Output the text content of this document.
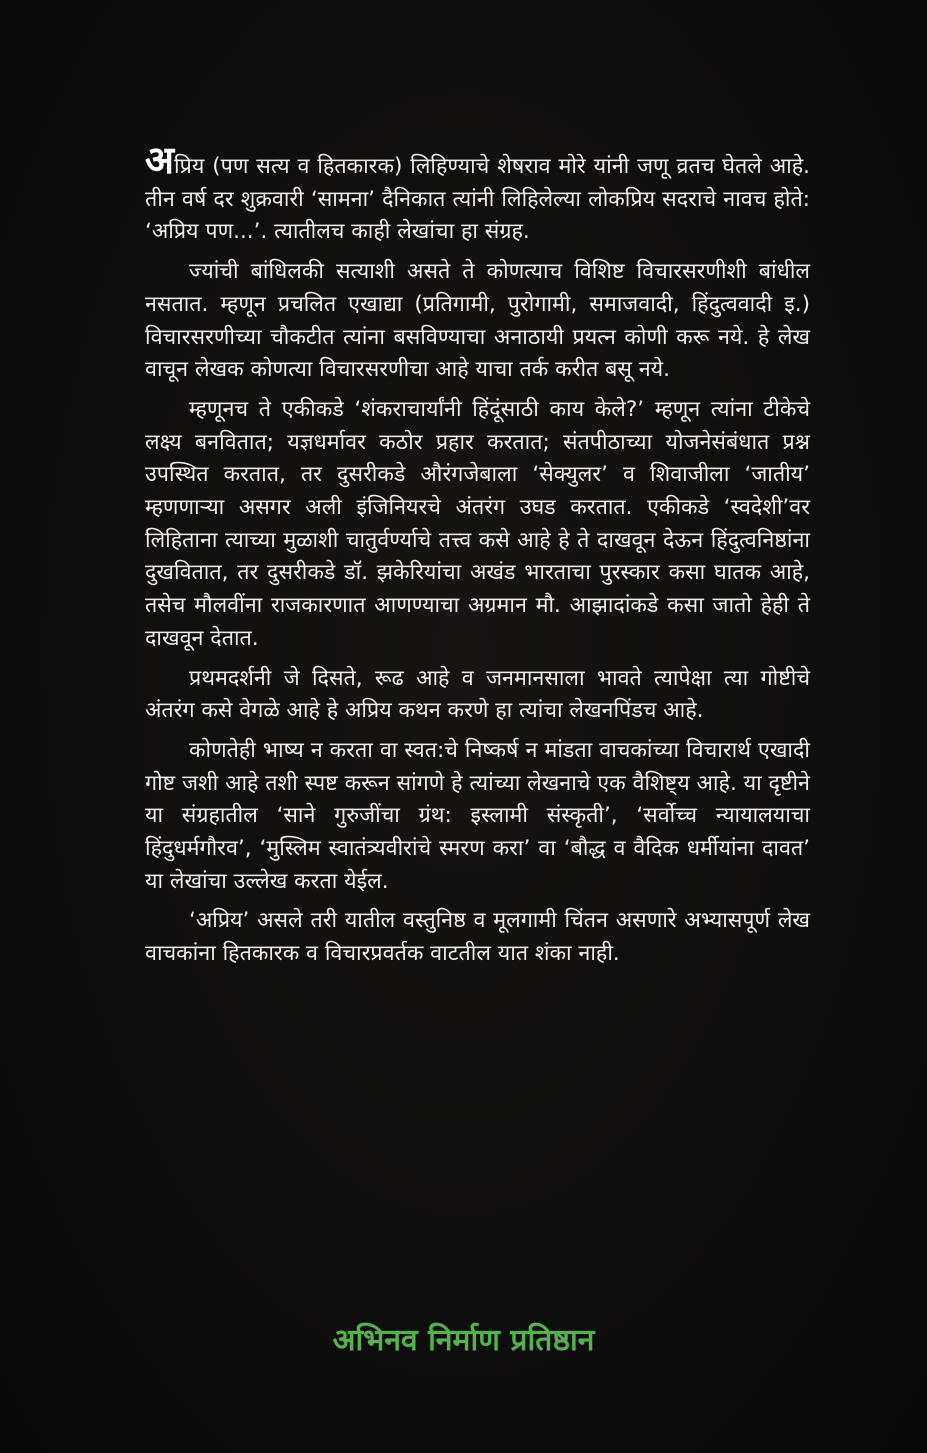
अप्रिय (पण सत्य व हितकारक) लिहिण्याचे शेषराव मोरे यांनी जणू व्रतच घेतले आहे. तीन वर्ष दर शुक्रवारी ‘सामना’ दैनिकात त्यांनी लिहिलेल्या लोकप्रिय सदराचे नावच होते: ‘अप्रिय पण...’. त्यातीलच काही लेखांचा हा संग्रह.

ज्यांची बांधिलकी सत्याशी असते ते कोणत्याच विशिष्ट विचारसरणीशी बांधील नसतात. म्हणून प्रचलित एखाद्या (प्रतिगामी, पुरोगामी, समाजवादी, हिंदुत्ववादी इ.) विचारसरणीच्या चौकटीत त्यांना बसविण्याचा अनाठायी प्रयत्न कोणी करू नये. हे लेख वाचून लेखक कोणत्या विचारसरणीचा आहे याचा तर्क करीत बसू नये.

म्हणूनच ते एकीकडे ‘शंकराचार्यांनी हिंदूंसाठी काय केले?’ म्हणून त्यांना टीकेचे लक्ष्य बनवितात; यज्ञधर्मावर कठोर प्रहार करतात; संतपीठाच्या योजनेसंबंधात प्रश्न उपस्थित करतात, तर दुसरीकडे औरंगजेबाला ‘सेक्युलर’ व शिवाजीला ‘जातीय’ म्हणणाऱ्या असगर अली इंजिनियरचे अंतरंग उघड करतात. एकीकडे ‘स्वदेशी’वर लिहिताना त्याच्या मुळाशी चातुर्वर्ण्याचे तत्त्व कसे आहे हे ते दाखवून देऊन हिंदुत्वनिष्ठांना दुखवितात, तर दुसरीकडे डॉ. झकेरियांचा अखंड भारताचा पुरस्कार कसा घातक आहे, तसेच मौलवींना राजकारणात आणण्याचा अग्रमान मौ. आझादांकडे कसा जातो हेही ते दाखवून देतात.

प्रथमदर्शनी जे दिसते, रूढ आहे व जनमानसाला भावते त्यापेक्षा त्या गोष्टीचे अंतरंग कसे वेगळे आहे हे अप्रिय कथन करणे हा त्यांचा लेखनपिंडच आहे.

कोणतेही भाष्य न करता वा स्वत:चे निष्कर्ष न मांडता वाचकांच्या विचारार्थ एखादी गोष्ट जशी आहे तशी स्पष्ट करून सांगणे हे त्यांच्या लेखनाचे एक वैशिष्ट्य आहे. या दृष्टीने या संग्रहातील ‘साने गुरुजींचा ग्रंथ: इस्लामी संस्कृती’, ‘सर्वोच्च न्यायालयाचा हिंदुधर्मगौरव’, ‘मुस्लिम स्वातंत्र्यवीरांचे स्मरण करा’ वा ‘बौद्ध व वैदिक धर्मीयांना दावत’ या लेखांचा उल्लेख करता येईल.

‘अप्रिय’ असले तरी यातील वस्तुनिष्ठ व मूलगामी चिंतन असणारे अभ्यासपूर्ण लेख वाचकांना हितकारक व विचारप्रवर्तक वाटतील यात शंका नाही.

अभिनव निर्माण प्रतिष्ठान
